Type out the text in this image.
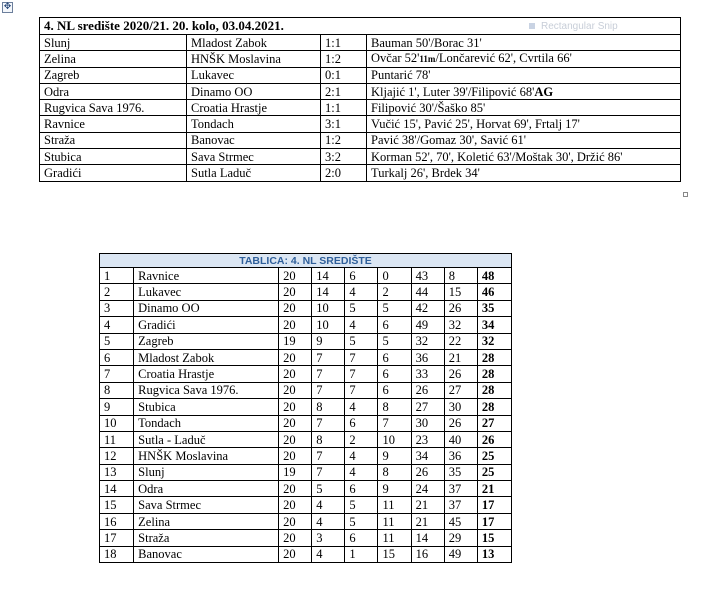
✥
Rectangular Snip
4. NL središte 2020/21. 20. kolo, 03.04.2021.			
Slunj	Mladost Zabok	1:1	Bauman 50'/Borac 31'
Zelina	HNŠK Moslavina	1:2	Ovčar 52'11m/Lončarević 62', Cvrtila 66'
Zagreb	Lukavec	0:1	Puntarić 78'
Odra	Dinamo OO	2:1	Kljajić 1', Luter 39'/Filipović 68'AG
Rugvica Sava 1976.	Croatia Hrastje	1:1	Filipović 30'/Šaško 85'
Ravnice	Tondach	3:1	Vučić 15', Pavić 25', Horvat 69', Frtalj 17'
Straža	Banovac	1:2	Pavić 38'/Gomaz 30', Savić 61'
Stubica	Sava Strmec	3:2	Korman 52', 70', Koletić 63'/Moštak 30', Držić 86'
Gradići	Sutla Laduč	2:0	Turkalj 26', Brdek 34'
TABLICA: 4. NL SREDIŠTE								
1	Ravnice	20	14	6	0	43	8	48
2	Lukavec	20	14	4	2	44	15	46
3	Dinamo OO	20	10	5	5	42	26	35
4	Gradići	20	10	4	6	49	32	34
5	Zagreb	19	9	5	5	32	22	32
6	Mladost Zabok	20	7	7	6	36	21	28
7	Croatia Hrastje	20	7	7	6	33	26	28
8	Rugvica Sava 1976.	20	7	7	6	26	27	28
9	Stubica	20	8	4	8	27	30	28
10	Tondach	20	7	6	7	30	26	27
11	Sutla - Laduč	20	8	2	10	23	40	26
12	HNŠK Moslavina	20	7	4	9	34	36	25
13	Slunj	19	7	4	8	26	35	25
14	Odra	20	5	6	9	24	37	21
15	Sava Strmec	20	4	5	11	21	37	17
16	Zelina	20	4	5	11	21	45	17
17	Straža	20	3	6	11	14	29	15
18	Banovac	20	4	1	15	16	49	13
